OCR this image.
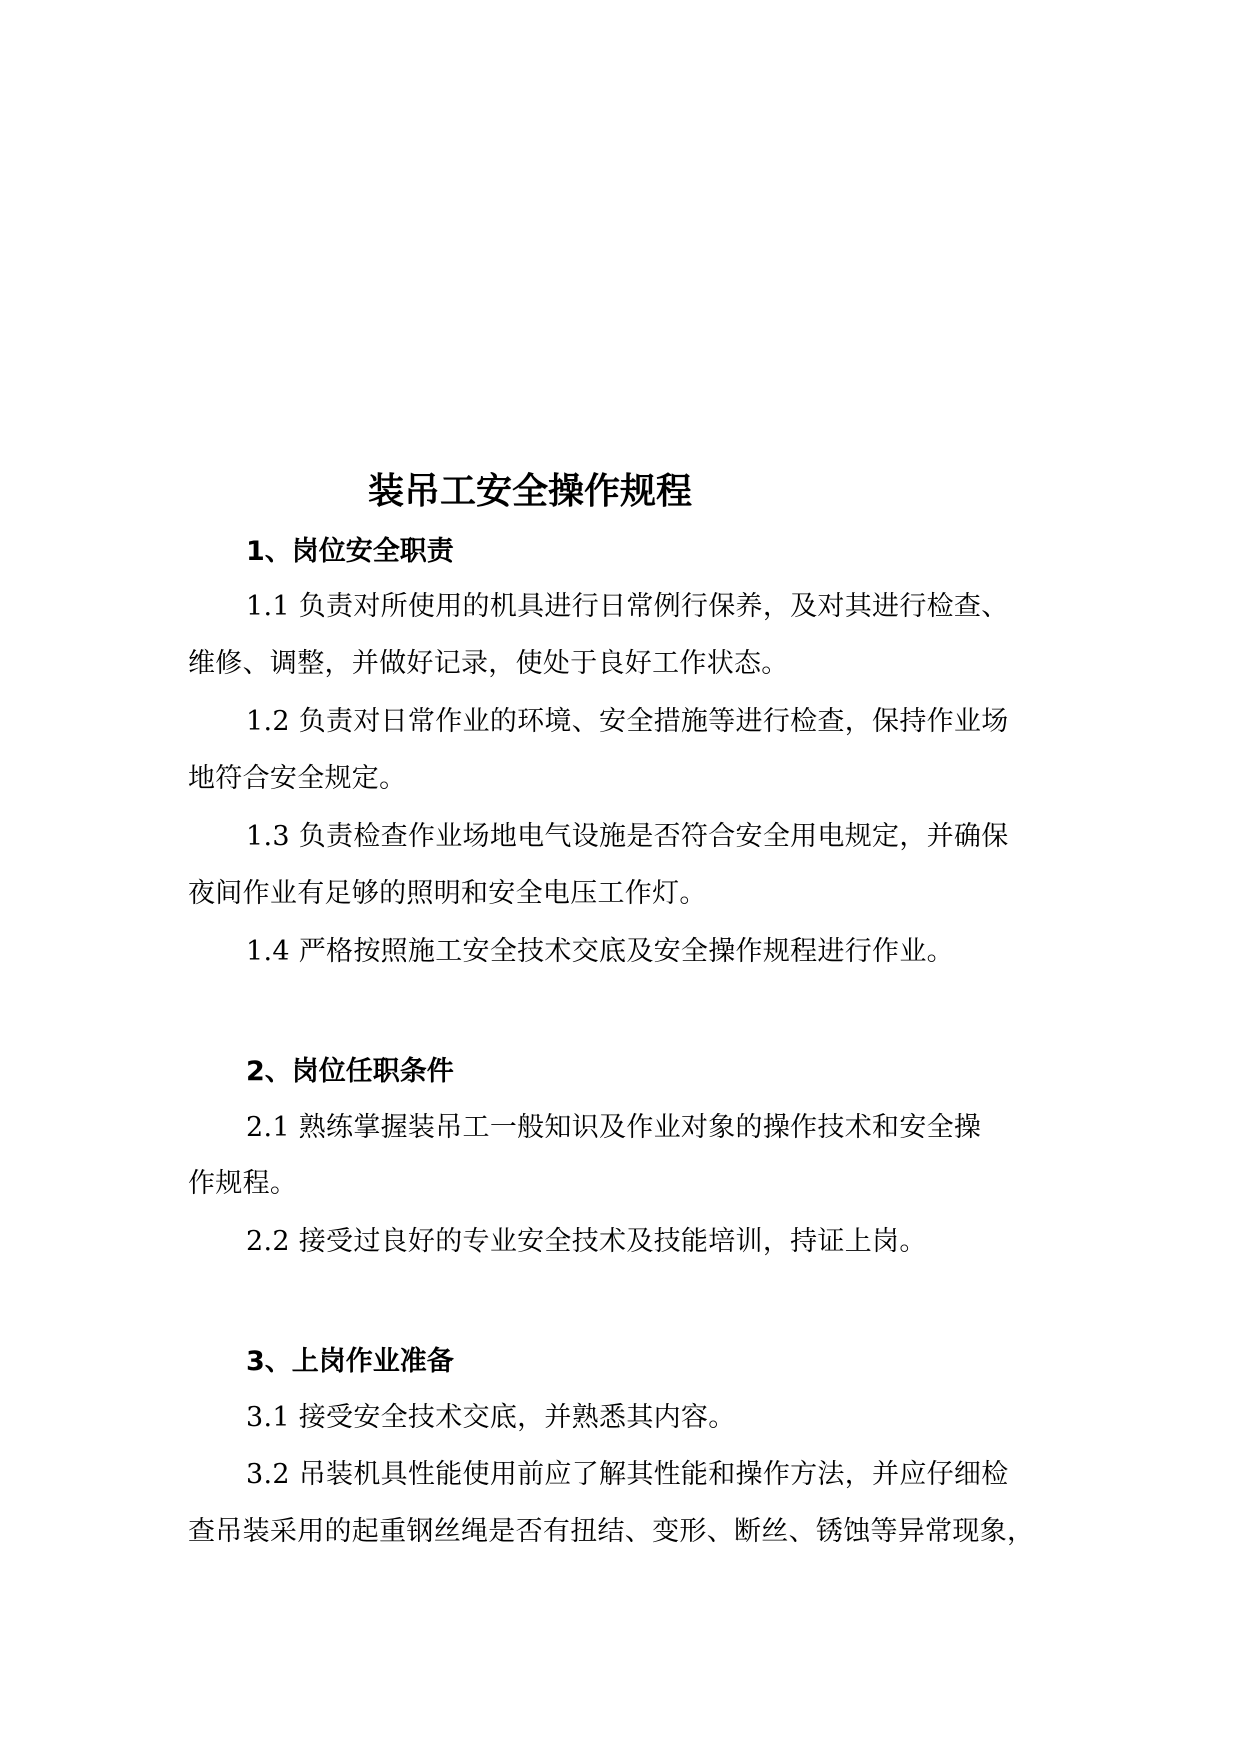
装吊工安全操作规程
1、岗位安全职责

1.1 负责对所使用的机具进行日常例行保养，及对其进行检查、

维修、调整，并做好记录，使处于良好工作状态。

1.2 负责对日常作业的环境、安全措施等进行检查，保持作业场

地符合安全规定。

1.3 负责检查作业场地电气设施是否符合安全用电规定，并确保

夜间作业有足够的照明和安全电压工作灯。

1.4 严格按照施工安全技术交底及安全操作规程进行作业。

2、岗位任职条件

2.1 熟练掌握装吊工一般知识及作业对象的操作技术和安全操

作规程。

2.2 接受过良好的专业安全技术及技能培训，持证上岗。

3、上岗作业准备

3.1 接受安全技术交底，并熟悉其内容。

3.2 吊装机具性能使用前应了解其性能和操作方法，并应仔细检

查吊装采用的起重钢丝绳是否有扭结、变形、断丝、锈蚀等异常现象，
